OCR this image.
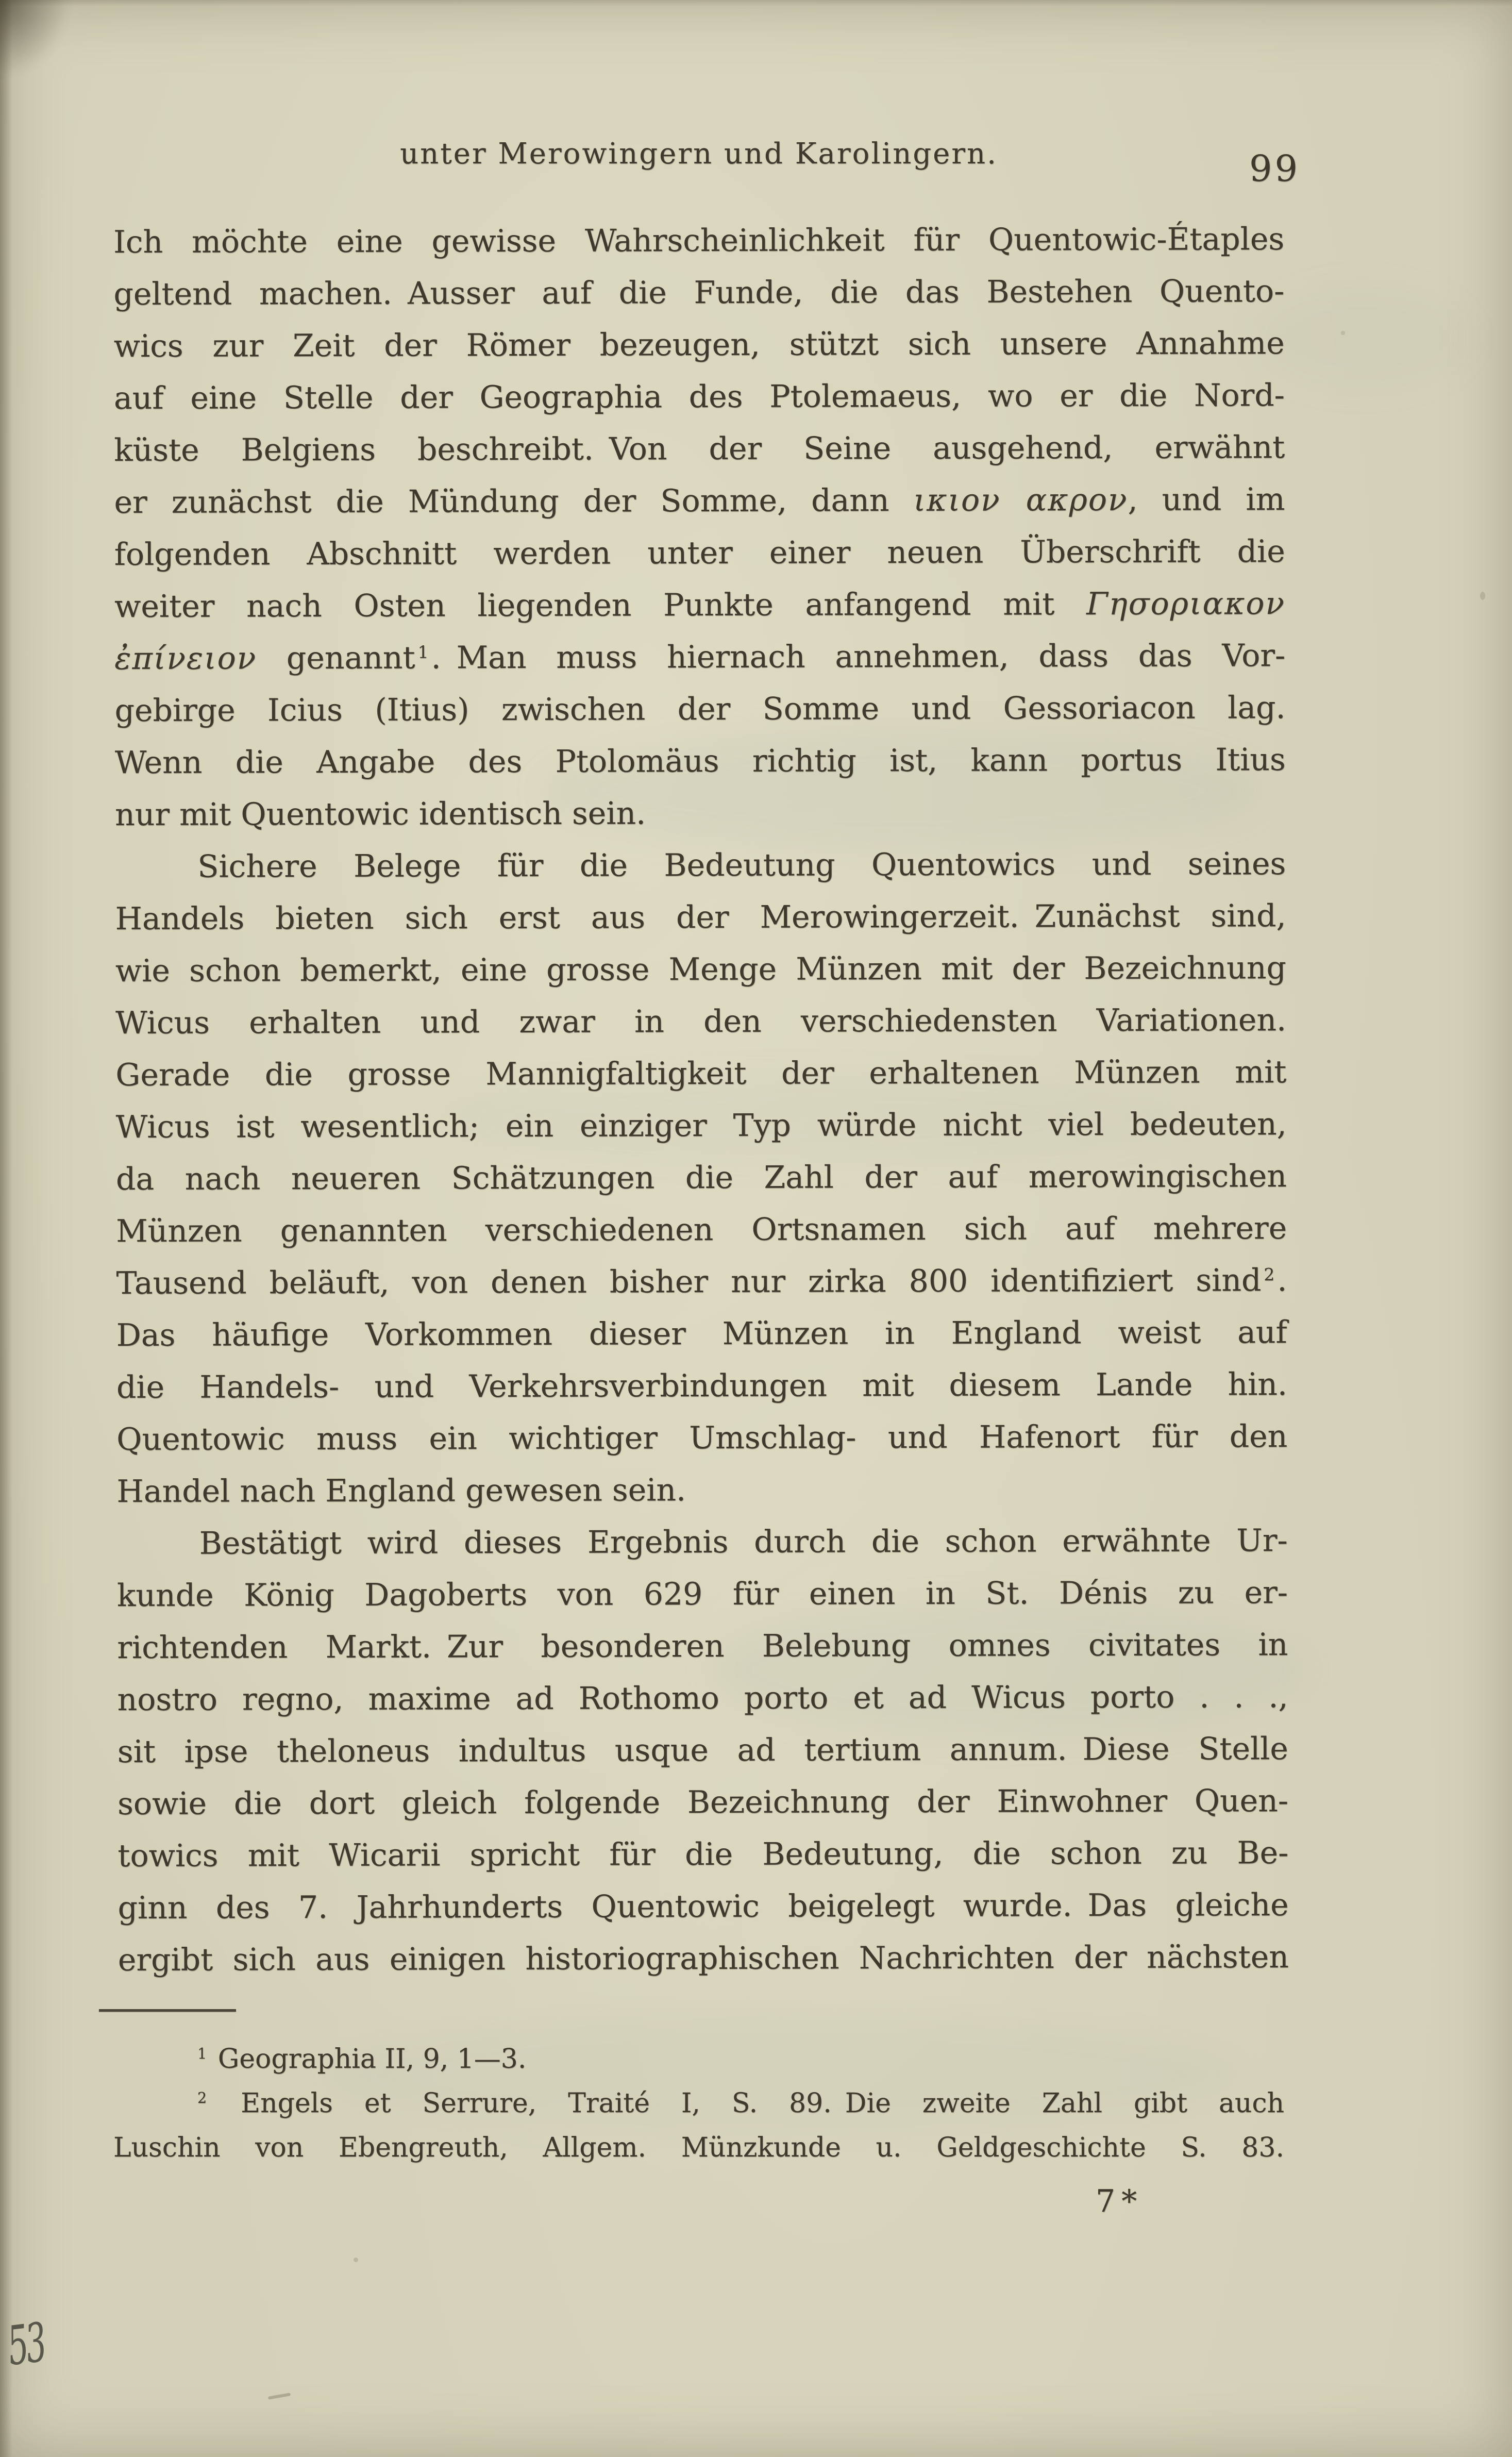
unter Merowingern und Karolingern.	99
Ich möchte eine gewisse Wahrscheinlichkeit für Quentowic-Étaples
geltend machen. Ausser auf die Funde, die das Bestehen Quento-
wics zur Zeit der Römer bezeugen, stützt sich unsere Annahme
auf eine Stelle der Geographia des Ptolemaeus, wo er die Nord-
küste Belgiens beschreibt. Von der Seine ausgehend, erwähnt
er zunächst die Mündung der Somme, dann ικιον ακρον, und im
folgenden Abschnitt werden unter einer neuen Überschrift die
weiter nach Osten liegenden Punkte anfangend mit Γησοριακον
ἐπίνειον genannt $^1$. Man muss hiernach annehmen, dass das Vor-
gebirge Icius (Itius) zwischen der Somme und Gessoriacon lag.
Wenn die Angabe des Ptolomäus richtig ist, kann portus Itius
nur mit Quentowic identisch sein.
Sichere Belege für die Bedeutung Quentowics und seines
Handels bieten sich erst aus der Merowingerzeit. Zunächst sind,
wie schon bemerkt, eine grosse Menge Münzen mit der Bezeichnung
Wicus erhalten und zwar in den verschiedensten Variationen.
Gerade die grosse Mannigfaltigkeit der erhaltenen Münzen mit
Wicus ist wesentlich; ein einziger Typ würde nicht viel bedeuten,
da nach neueren Schätzungen die Zahl der auf merowingischen
Münzen genannten verschiedenen Ortsnamen sich auf mehrere
Tausend beläuft, von denen bisher nur zirka 800 identifiziert sind $^2$.
Das häufige Vorkommen dieser Münzen in England weist auf
die Handels- und Verkehrsverbindungen mit diesem Lande hin.
Quentowic muss ein wichtiger Umschlag- und Hafenort für den
Handel nach England gewesen sein.
Bestätigt wird dieses Ergebnis durch die schon erwähnte Ur-
kunde König Dagoberts von 629 für einen in St. Dénis zu er-
richtenden Markt. Zur besonderen Belebung omnes civitates in
nostro regno, maxime ad Rothomo porto et ad Wicus porto . . .,
sit ipse theloneus indultus usque ad tertium annum. Diese Stelle
sowie die dort gleich folgende Bezeichnung der Einwohner Quen-
towics mit Wicarii spricht für die Bedeutung, die schon zu Be-
ginn des 7. Jahrhunderts Quentowic beigelegt wurde. Das gleiche
ergibt sich aus einigen historiographischen Nachrichten der nächsten
$^1$ Geographia II, 9, 1—3.
$^2$ Engels et Serrure, Traité I, S. 89. Die zweite Zahl gibt auch
Luschin von Ebengreuth, Allgem. Münzkunde u. Geldgeschichte S. 83.
7*
53
